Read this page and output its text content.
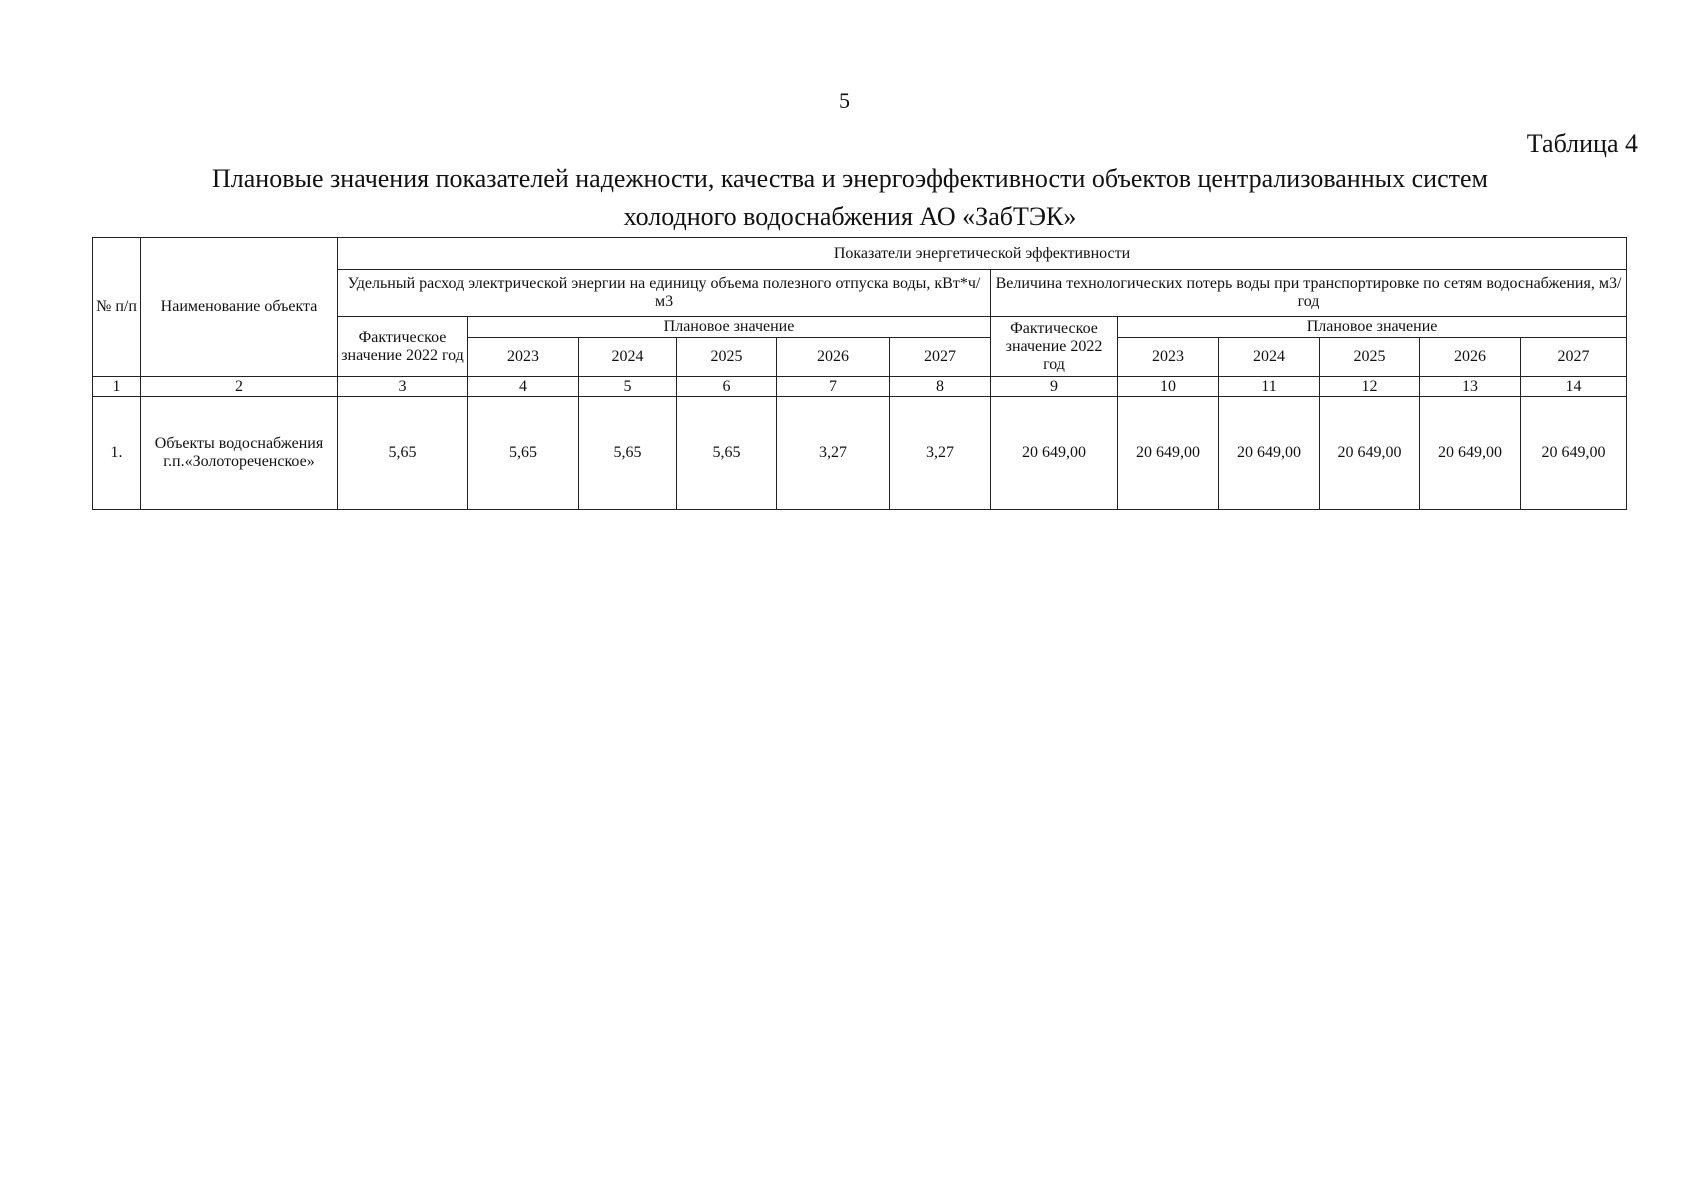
5
Таблица 4
Плановые значения показателей надежности, качества и энергоэффективности объектов централизованных систем
холодного водоснабжения АО «ЗабТЭК»
№ п/п	Наименование объекта	Показатели энергетической эффективности											
		Удельный расход электрической энергии на единицу объема полезного отпуска воды, кВт*ч/м3						Величина технологических потерь воды при транспортировке по сетям водоснабжения, м3/год					
		Фактическое значение 2022 год	Плановое значение					Фактическое значение 2022 год	Плановое значение				
			2023	2024	2025	2026	2027		2023	2024	2025	2026	2027
1	2	3	4	5	6	7	8	9	10	11	12	13	14
1.	Объекты водоснабжения г.п.«Золотореченское»	5,65	5,65	5,65	5,65	3,27	3,27	20 649,00	20 649,00	20 649,00	20 649,00	20 649,00	20 649,00
